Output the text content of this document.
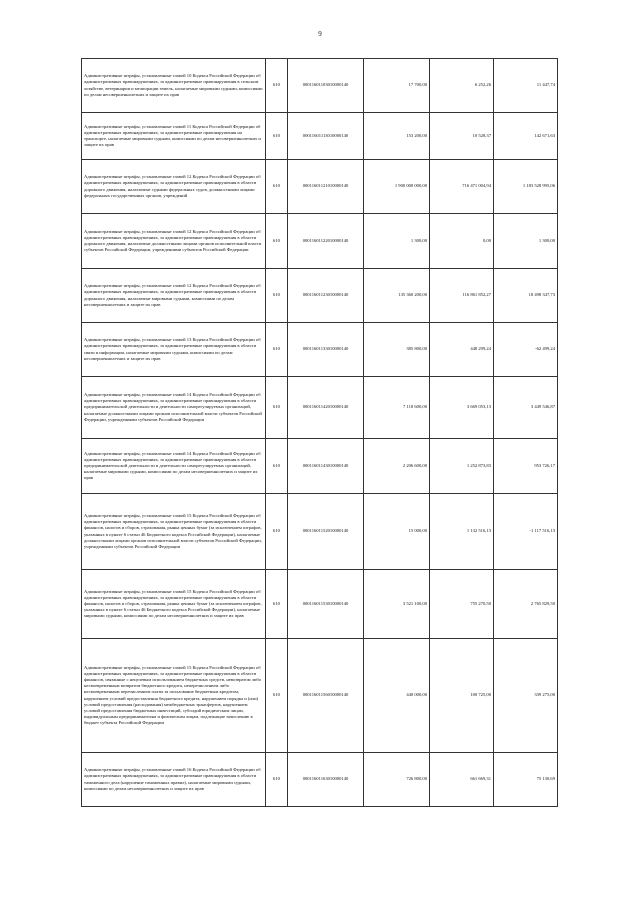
9
Административные штрафы, установленные главой 10 Кодекса Российской Федерации об административных правонарушениях, за административные правонарушения в сельском хозяйстве, ветеринарии и мелиорации земель, налагаемые мировыми судьями, комиссиями по делам несовершеннолетних и защите их прав	610	00011601103010000140	17 700,00	6 252,26	11 447,74
Административные штрафы, установленные главой 11 Кодекса Российской Федерации об административных правонарушениях, за административные правонарушения на транспорте, налагаемые мировыми судьями, комиссиями по делам несовершеннолетних и защите их прав	610	00011601113010000140	153 200,00	10 528,37	142 671,63
Административные штрафы, установленные главой 12 Кодекса Российской Федерации об административных правонарушениях, за административные правонарушения в области дорожного движения, налагаемые судьями федеральных судов, должностными лицами федеральных государственных органов, учреждений	610	00011601121010000140	1 900 000 000,00	716 471 004,94	1 183 528 995,06
Административные штрафы, установленные главой 12 Кодекса Российской Федерации об административных правонарушениях, за административные правонарушения в области дорожного движения, налагаемые должностными лицами органов исполнительной власти субъектов Российской Федерации, учреждениями субъектов Российской Федерации	610	00011601122010000140	1 300,00	0,00	1 300,00
Административные штрафы, установленные главой 12 Кодекса Российской Федерации об административных правонарушениях, за административные правонарушения в области дорожного движения, налагаемые мировыми судьями, комиссиями по делам несовершеннолетних и защите их прав	610	00011601123010000140	135 360 200,00	116 861 852,27	18 498 347,73
Административные штрафы, установленные главой 13 Кодекса Российской Федерации об административных правонарушениях, за административные правонарушения в области связи и информации, налагаемые мировыми судьями, комиссиями по делам несовершеннолетних и защите их прав	610	00011601133010000140	385 800,00	448 299,24	-62 499,24
Административные штрафы, установленные главой 14 Кодекса Российской Федерации об административных правонарушениях, за административные правонарушения в области предпринимательской деятельности и деятельности саморегулируемых организаций, налагаемые должностными лицами органов исполнительной власти субъектов Российской Федерации, учреждениями субъектов Российской Федерации	610	00011601142010000140	7 118 600,00	3 669 053,13	3 449 546,87
Административные штрафы, установленные главой 14 Кодекса Российской Федерации об административных правонарушениях, за административные правонарушения в области предпринимательской деятельности и деятельности саморегулируемых организаций, налагаемые мировыми судьями, комиссиями по делам несовершеннолетних и защите их прав	610	00011601143010000140	2 206 600,00	1 252 873,83	953 726,17
Административные штрафы, установленные главой 15 Кодекса Российской Федерации об административных правонарушениях, за административные правонарушения в области финансов, налогов и сборов, страхования, рынка ценных бумаг (за исключением штрафов, указанных в пункте 6 статьи 46 Бюджетного кодекса Российской Федерации), налагаемые должностными лицами органов исполнительной власти субъектов Российской Федерации, учреждениями субъектов Российской Федерации	610	00011601152010000140	15 000,00	1 132 516,13	-1 117 516,13
Административные штрафы, установленные главой 15 Кодекса Российской Федерации об административных правонарушениях, за административные правонарушения в области финансов, налогов и сборов, страхования, рынка ценных бумаг (за исключением штрафов, указанных в пункте 6 статьи 46 Бюджетного кодекса Российской Федерации), налагаемые мировыми судьями, комиссиями по делам несовершеннолетних и защите их прав	610	00011601153010000140	3 521 100,00	755 270,50	2 765 829,50
Административные штрафы, установленные главой 15 Кодекса Российской Федерации об административных правонарушениях, за административные правонарушения в области финансов, связанные с нецелевым использованием бюджетных средств, невозвратом либо несвоевременным возвратом бюджетного кредита, неперечислением либо несвоевременным перечислением платы за пользование бюджетным кредитом, нарушением условий предоставления бюджетного кредита, нарушением порядка и (или) условий предоставления (расходования) межбюджетных трансфертов, нарушением условий предоставления бюджетных инвестиций, субсидий юридическим лицам, индивидуальным предпринимателям и физическим лицам, подлежащие зачислению в бюджет субъекта Российской Федерации	610	00011601156010000140	440 000,00	100 725,00	339 275,00
Административные штрафы, установленные главой 16 Кодекса Российской Федерации об административных правонарушениях, за административные правонарушения в области таможенного дела (нарушение таможенных правил), налагаемые мировыми судьями, комиссиями по делам несовершеннолетних и защите их прав	610	00011601163010000140	726 800,00	661 669,31	75 130,69
